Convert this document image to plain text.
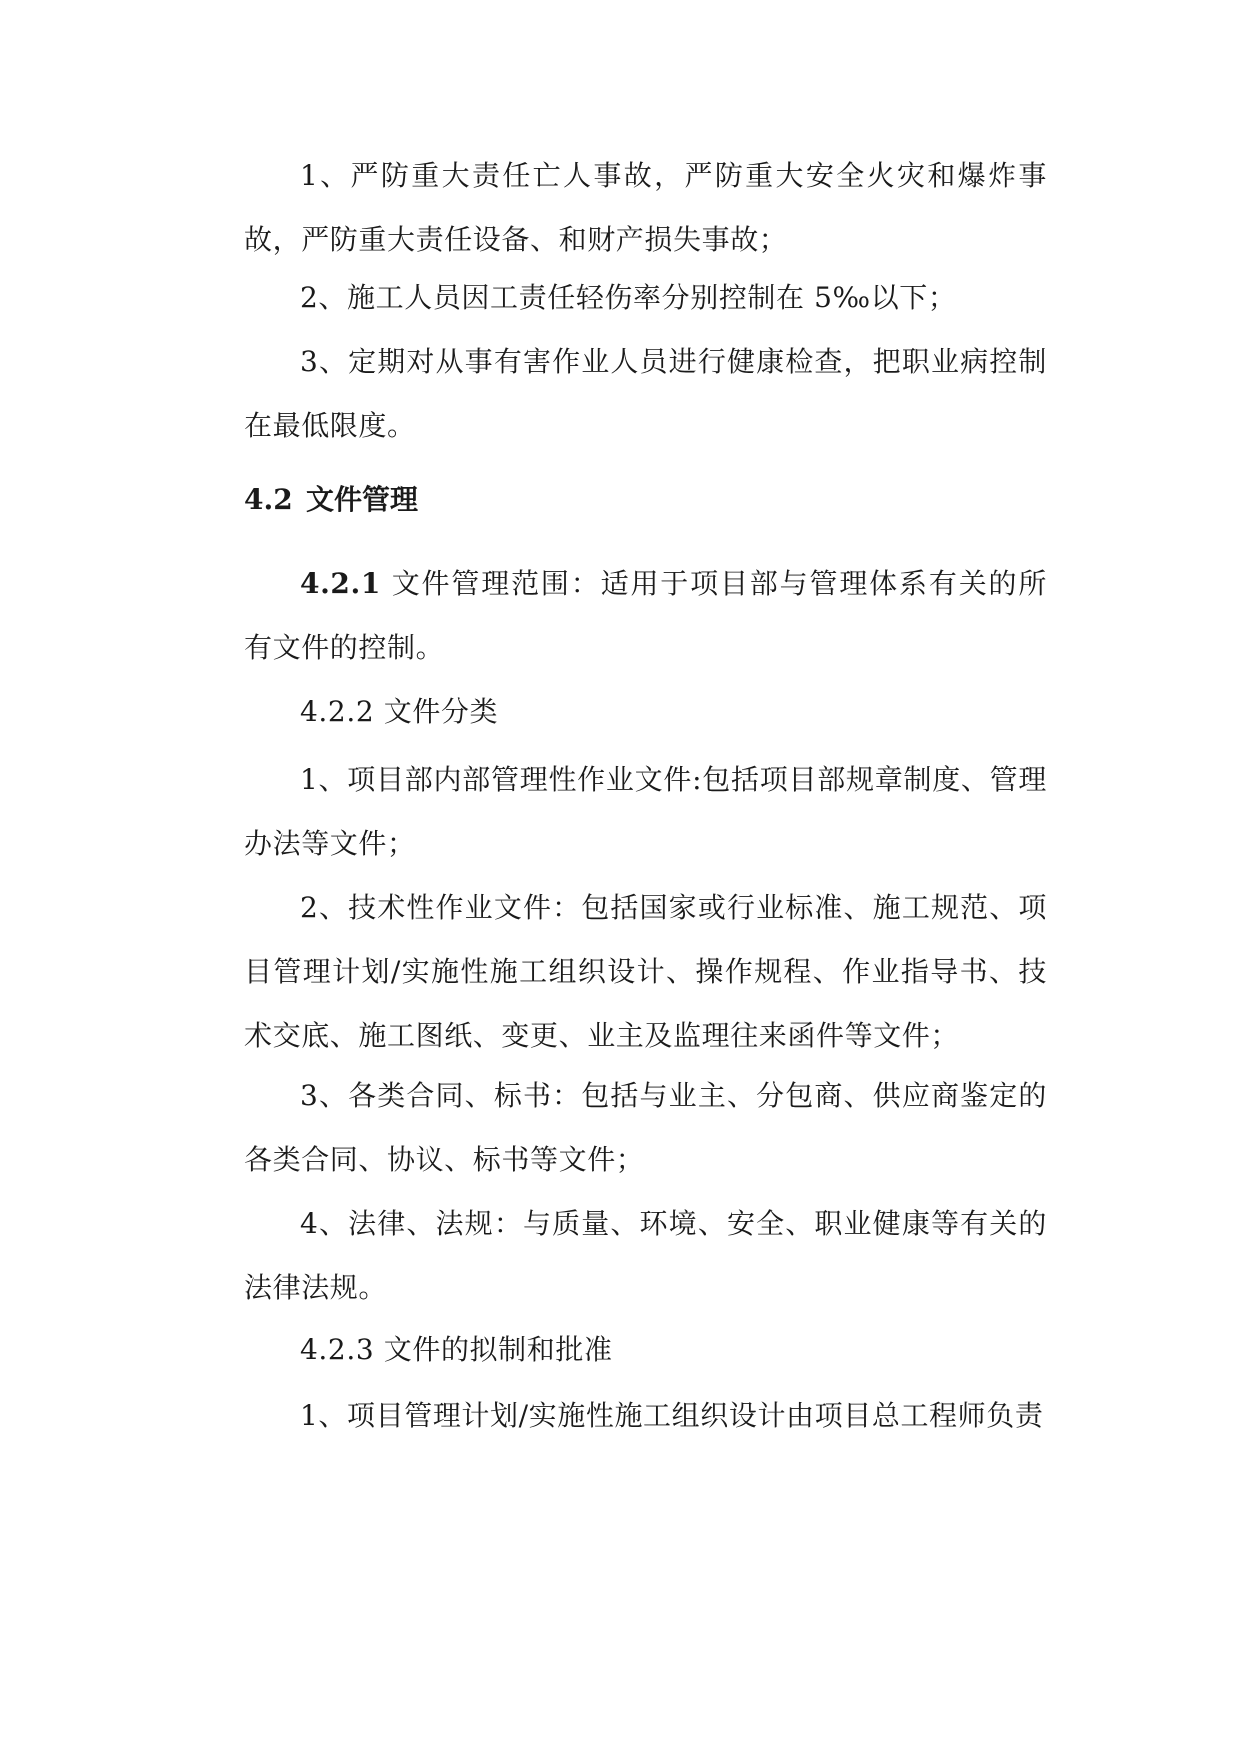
1、严防重大责任亡人事故，严防重大安全火灾和爆炸事故，严防重大责任设备、和财产损失事故；

2、施工人员因工责任轻伤率分别控制在 5‰以下；

3、定期对从事有害作业人员进行健康检查，把职业病控制在最低限度。

4.2 文件管理

4.2.1 文件管理范围：适用于项目部与管理体系有关的所有文件的控制。

4.2.2 文件分类

1、项目部内部管理性作业文件:包括项目部规章制度、管理办法等文件；

2、技术性作业文件：包括国家或行业标准、施工规范、项目管理计划/实施性施工组织设计、操作规程、作业指导书、技术交底、施工图纸、变更、业主及监理往来函件等文件；

3、各类合同、标书：包括与业主、分包商、供应商鉴定的各类合同、协议、标书等文件；

4、法律、法规：与质量、环境、安全、职业健康等有关的法律法规。

4.2.3 文件的拟制和批准

1、项目管理计划/实施性施工组织设计由项目总工程师负责
